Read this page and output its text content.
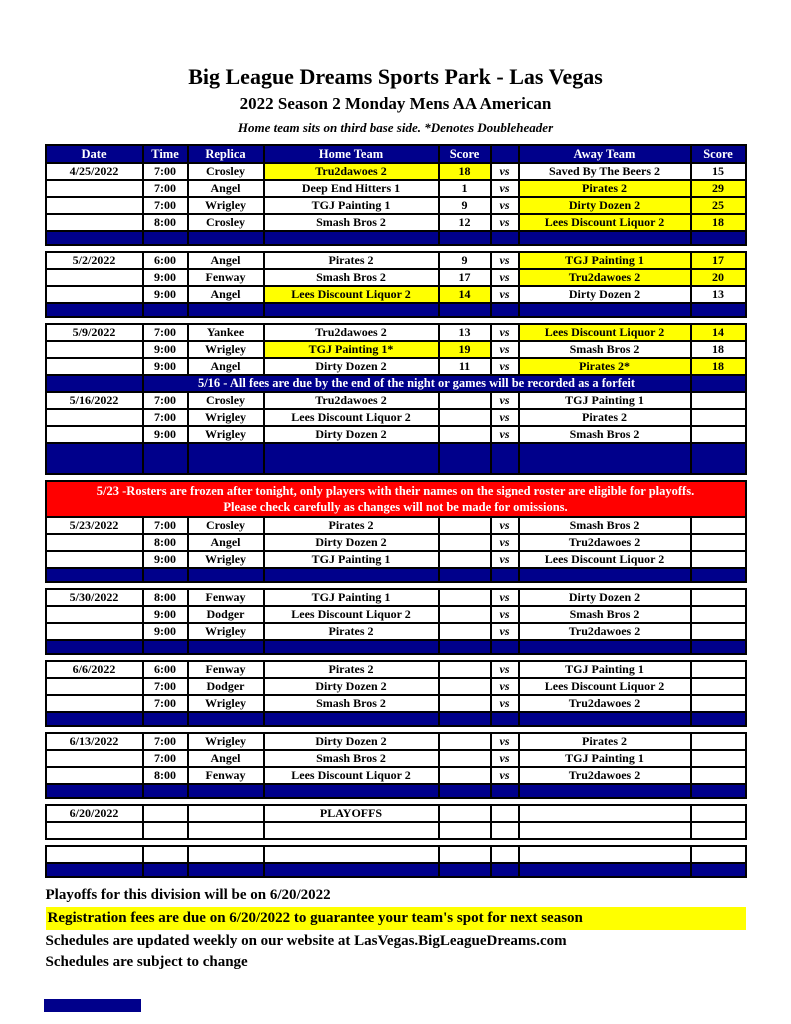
Big League Dreams Sports Park - Las Vegas
2022 Season 2 Monday Mens AA American
Home team sits on third base side. *Denotes Doubleheader
Date	Time	Replica	Home Team	Score		Away Team	Score
4/25/2022	7:00	Crosley	Tru2dawoes 2	18	vs	Saved By The Beers 2	15
	7:00	Angel	Deep End Hitters 1	1	vs	Pirates 2	29
	7:00	Wrigley	TGJ Painting 1	9	vs	Dirty Dozen 2	25
	8:00	Crosley	Smash Bros 2	12	vs	Lees Discount Liquor 2	18

5/2/2022	6:00	Angel	Pirates 2	9	vs	TGJ Painting 1	17
	9:00	Fenway	Smash Bros 2	17	vs	Tru2dawoes 2	20
	9:00	Angel	Lees Discount Liquor 2	14	vs	Dirty Dozen 2	13

5/9/2022	7:00	Yankee	Tru2dawoes 2	13	vs	Lees Discount Liquor 2	14
	9:00	Wrigley	TGJ Painting 1*	19	vs	Smash Bros 2	18
	9:00	Angel	Dirty Dozen 2	11	vs	Pirates 2*	18
	5/16 - All fees are due by the end of the night or games will be recorded as a forfeit						
5/16/2022	7:00	Crosley	Tru2dawoes 2		vs	TGJ Painting 1	
	7:00	Wrigley	Lees Discount Liquor 2		vs	Pirates 2	
	9:00	Wrigley	Dirty Dozen 2		vs	Smash Bros 2	

5/23 -Rosters are frozen after tonight, only players with their names on the signed roster are eligible for playoffs.
Please check carefully as changes will not be made for omissions.							

5/23/2022	7:00	Crosley	Pirates 2		vs	Smash Bros 2	
	8:00	Angel	Dirty Dozen 2		vs	Tru2dawoes 2	
	9:00	Wrigley	TGJ Painting 1		vs	Lees Discount Liquor 2	

5/30/2022	8:00	Fenway	TGJ Painting 1		vs	Dirty Dozen 2	
	9:00	Dodger	Lees Discount Liquor 2		vs	Smash Bros 2	
	9:00	Wrigley	Pirates 2		vs	Tru2dawoes 2	

6/6/2022	6:00	Fenway	Pirates 2		vs	TGJ Painting 1	
	7:00	Dodger	Dirty Dozen 2		vs	Lees Discount Liquor 2	
	7:00	Wrigley	Smash Bros 2		vs	Tru2dawoes 2	

6/13/2022	7:00	Wrigley	Dirty Dozen 2		vs	Pirates 2	
	7:00	Angel	Smash Bros 2		vs	TGJ Painting 1	
	8:00	Fenway	Lees Discount Liquor 2		vs	Tru2dawoes 2	

6/20/2022			PLAYOFFS				

Playoffs for this division will be on 6/20/2022
Registration fees are due on 6/20/2022 to guarantee your team's spot for next season
Schedules are updated weekly on our website at LasVegas.BigLeagueDreams.com
Schedules are subject to change
